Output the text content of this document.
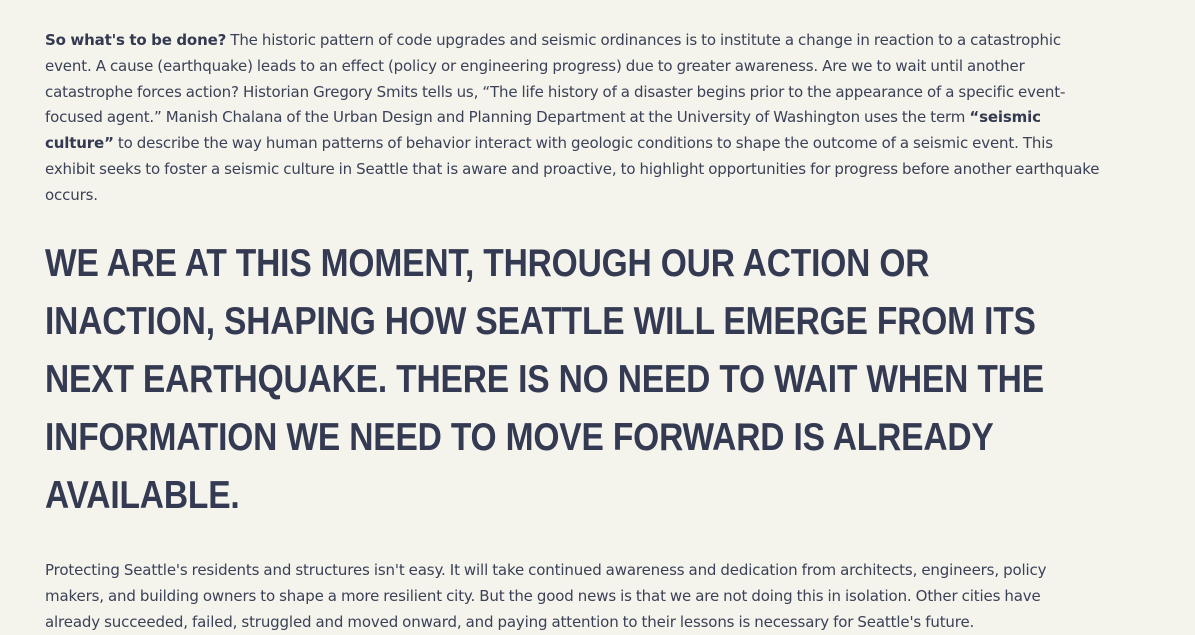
So what's to be done? The historic pattern of code upgrades and seismic ordinances is to institute a change in reaction to a catastrophic event. A cause (earthquake) leads to an effect (policy or engineering progress) due to greater awareness. Are we to wait until another catastrophe forces action? Historian Gregory Smits tells us, “The life history of a disaster begins prior to the appearance of a specific event-focused agent.” Manish Chalana of the Urban Design and Planning Department at the University of Washington uses the term “seismic culture” to describe the way human patterns of behavior interact with geologic conditions to shape the outcome of a seismic event. This exhibit seeks to foster a seismic culture in Seattle that is aware and proactive, to highlight opportunities for progress before another earthquake occurs.

WE ARE AT THIS MOMENT, THROUGH OUR ACTION OR INACTION, SHAPING HOW SEATTLE WILL EMERGE FROM ITS NEXT EARTHQUAKE. THERE IS NO NEED TO WAIT WHEN THE INFORMATION WE NEED TO MOVE FORWARD IS ALREADY AVAILABLE.

Protecting Seattle's residents and structures isn't easy. It will take continued awareness and dedication from architects, engineers, policy makers, and building owners to shape a more resilient city. But the good news is that we are not doing this in isolation. Other cities have already succeeded, failed, struggled and moved onward, and paying attention to their lessons is necessary for Seattle's future.
